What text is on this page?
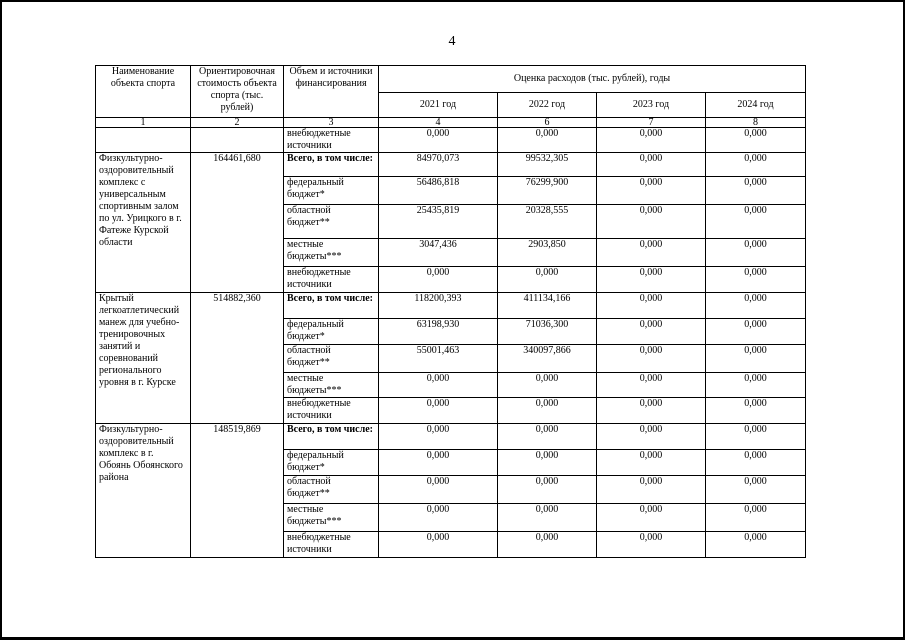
4
Наименование объекта спорта	Ориентировочная стоимость объекта спорта (тыс. рублей)	Объем и источники финансирования	Оценка расходов (тыс. рублей), годы			
			2021 год	2022 год	2023 год	2024 год
1	2	3	4	6	7	8
		внебюджетные источники	0,000	0,000	0,000	0,000
Физкультурно-оздоровительный комплекс с универсальным спортивным залом по ул. Урицкого в г. Фатеже Курской области	164461,680	Всего, в том числе:	84970,073	99532,305	0,000	0,000
		федеральный бюджет*	56486,818	76299,900	0,000	0,000
		областной бюджет**	25435,819	20328,555	0,000	0,000
		местные бюджеты***	3047,436	2903,850	0,000	0,000
		внебюджетные источники	0,000	0,000	0,000	0,000
Крытый легкоатлетический манеж для учебно-тренировочных занятий и соревнований регионального уровня в г. Курске	514882,360	Всего, в том числе:	118200,393	411134,166	0,000	0,000
		федеральный бюджет*	63198,930	71036,300	0,000	0,000
		областной бюджет**	55001,463	340097,866	0,000	0,000
		местные бюджеты***	0,000	0,000	0,000	0,000
		внебюджетные источники	0,000	0,000	0,000	0,000
Физкультурно-оздоровительный комплекс в г. Обоянь Обоянского района	148519,869	Всего, в том числе:	0,000	0,000	0,000	0,000
		федеральный бюджет*	0,000	0,000	0,000	0,000
		областной бюджет**	0,000	0,000	0,000	0,000
		местные бюджеты***	0,000	0,000	0,000	0,000
		внебюджетные источники	0,000	0,000	0,000	0,000
